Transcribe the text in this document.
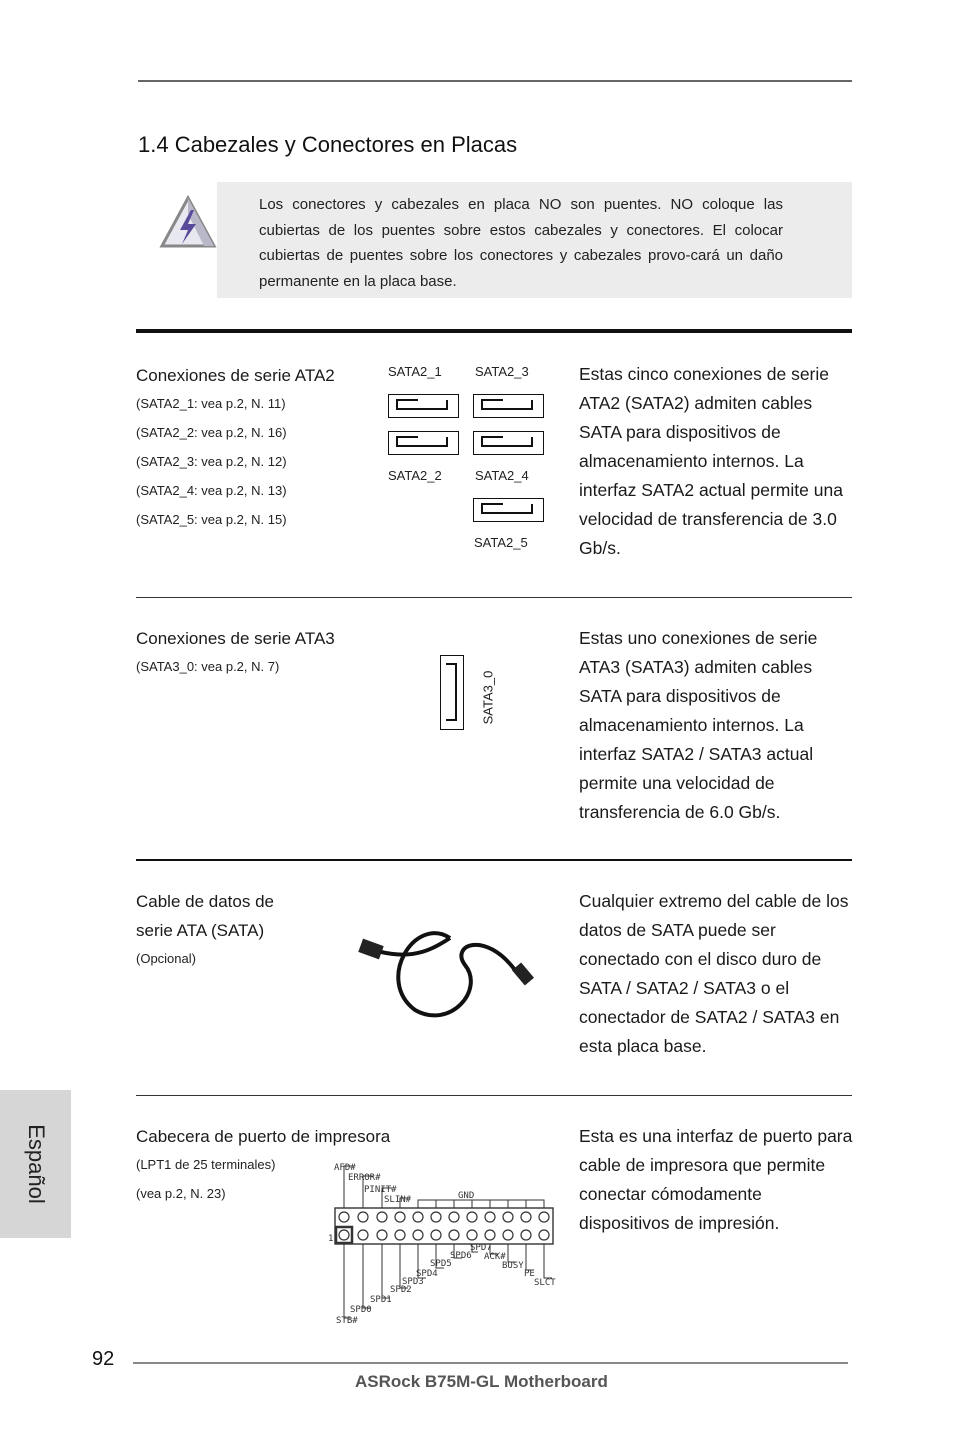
1.4 Cabezales y Conectores en Placas
Los conectores y cabezales en placa NO son puentes. NO coloque las cubiertas de los puentes sobre estos cabezales y conectores. El colocar cubiertas de puentes sobre los conectores y cabezales provo-cará un daño permanente en la placa base.
Conexiones de serie ATA2
(SATA2_1: vea p.2, N. 11)
(SATA2_2: vea p.2, N. 16)
(SATA2_3: vea p.2, N. 12)
(SATA2_4: vea p.2, N. 13)
(SATA2_5: vea p.2, N. 15)
SATA2_1	SATA2_3
SATA2_2	SATA2_4
SATA2_5
Estas cinco conexiones de serie ATA2 (SATA2) admiten cables SATA para dispositivos de almacenamiento internos. La interfaz SATA2 actual permite una velocidad de transferencia de 3.0 Gb/s.
Conexiones de serie ATA3
(SATA3_0: vea p.2, N. 7)
SATA3_0
Estas uno conexiones de serie ATA3 (SATA3) admiten cables SATA para dispositivos de almacenamiento internos. La interfaz SATA2 / SATA3 actual permite una velocidad de transferencia de 6.0 Gb/s.
Cable de datos de
serie ATA (SATA)
(Opcional)
Cualquier extremo del cable de los datos de SATA puede ser conectado con el disco duro de SATA / SATA2 / SATA3 o el conectador de SATA2 / SATA3 en esta placa base.
Cabecera de puerto de impresora
(LPT1 de 25 terminales)
(vea p.2, N. 23)
AFD#
ERROR#
PINIT#
SLIN#	GND
1
STB#
SPD0
SPD1
SPD2
SPD3
SPD4
SPD5
SPD6
SPD7
ACK#
BUSY
PE
SLCT
Esta es una interfaz de puerto para cable de impresora que permite conectar cómodamente dispositivos de impresión.
Español
92
ASRock B75M-GL Motherboard
